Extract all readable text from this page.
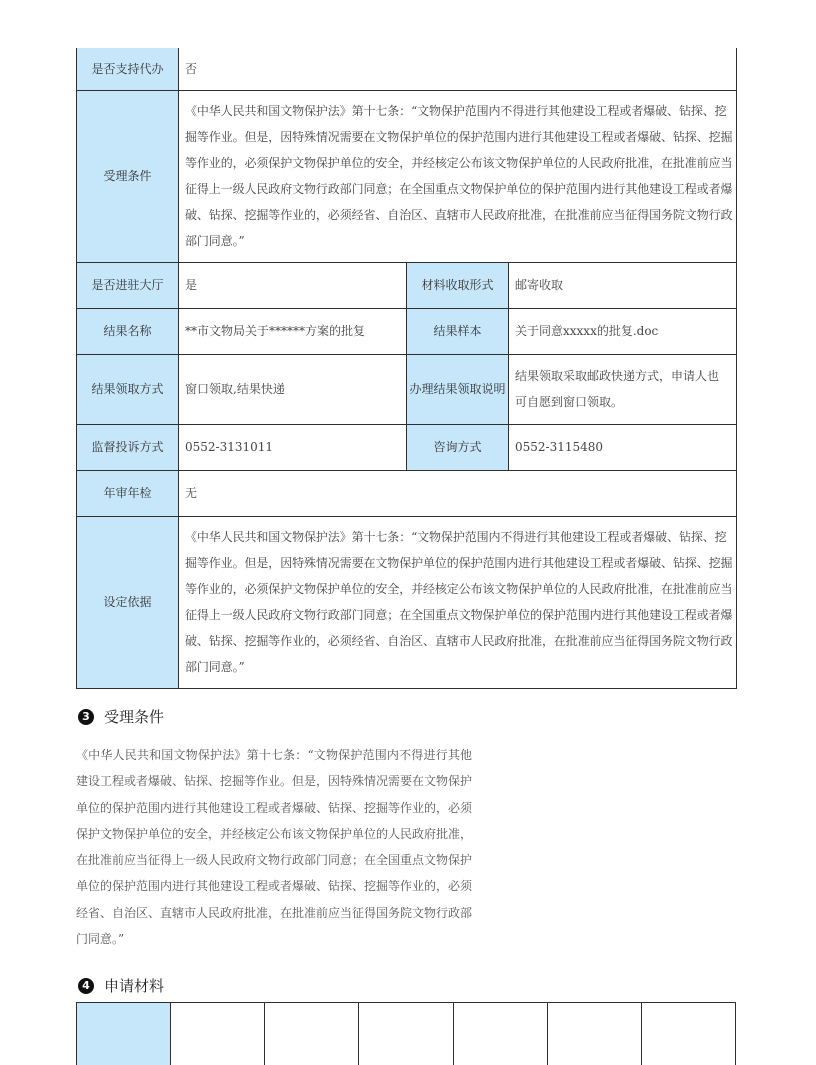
是否支持代办	否		
受理条件	《中华人民共和国文物保护法》第十七条：“文物保护范围内不得进行其他建设工程或者爆破、钻探、挖掘等作业。但是，因特殊情况需要在文物保护单位的保护范围内进行其他建设工程或者爆破、钻探、挖掘等作业的，必须保护文物保护单位的安全，并经核定公布该文物保护单位的人民政府批准，在批准前应当征得上一级人民政府文物行政部门同意；在全国重点文物保护单位的保护范围内进行其他建设工程或者爆破、钻探、挖掘等作业的，必须经省、自治区、直辖市人民政府批准，在批准前应当征得国务院文物行政部门同意。”		
是否进驻大厅	是	材料收取形式	邮寄收取
结果名称	**市文物局关于******方案的批复	结果样本	关于同意xxxxx的批复.doc
结果领取方式	窗口领取,结果快递	办理结果领取说明	结果领取采取邮政快递方式，申请人也可自愿到窗口领取。
监督投诉方式	0552-3131011	咨询方式	0552-3115480
年审年检	无		
设定依据	《中华人民共和国文物保护法》第十七条：“文物保护范围内不得进行其他建设工程或者爆破、钻探、挖掘等作业。但是，因特殊情况需要在文物保护单位的保护范围内进行其他建设工程或者爆破、钻探、挖掘等作业的，必须保护文物保护单位的安全，并经核定公布该文物保护单位的人民政府批准，在批准前应当征得上一级人民政府文物行政部门同意；在全国重点文物保护单位的保护范围内进行其他建设工程或者爆破、钻探、挖掘等作业的，必须经省、自治区、直辖市人民政府批准，在批准前应当征得国务院文物行政部门同意。”		
3 受理条件
《中华人民共和国文物保护法》第十七条：“文物保护范围内不得进行其他建设工程或者爆破、钻探、挖掘等作业。但是，因特殊情况需要在文物保护单位的保护范围内进行其他建设工程或者爆破、钻探、挖掘等作业的，必须保护文物保护单位的安全，并经核定公布该文物保护单位的人民政府批准，在批准前应当征得上一级人民政府文物行政部门同意；在全国重点文物保护单位的保护范围内进行其他建设工程或者爆破、钻探、挖掘等作业的，必须经省、自治区、直辖市人民政府批准，在批准前应当征得国务院文物行政部门同意。”
4 申请材料
